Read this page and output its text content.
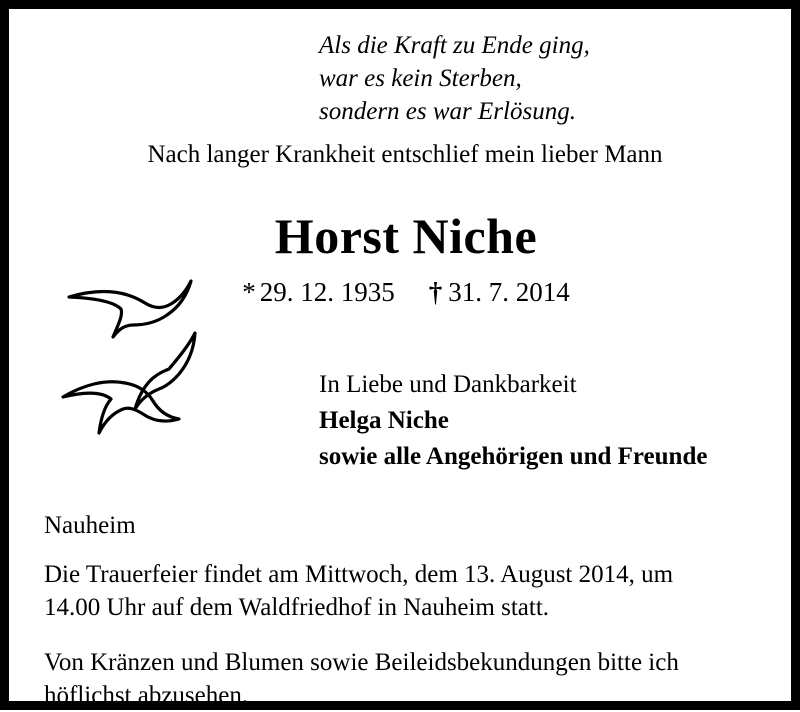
Als die Kraft zu Ende ging,
war es kein Sterben,
sondern es war Erlösung.
Nach langer Krankheit entschlief mein lieber Mann
Horst Niche
* 29. 12. 1935 † 31. 7. 2014
In Liebe und Dankbarkeit
Helga Niche
sowie alle Angehörigen und Freunde

Nauheim

Die Trauerfeier findet am Mittwoch, dem 13. August 2014, um

14.00 Uhr auf dem Waldfriedhof in Nauheim statt.

Von Kränzen und Blumen sowie Beileidsbekundungen bitte ich

höflichst abzusehen.
